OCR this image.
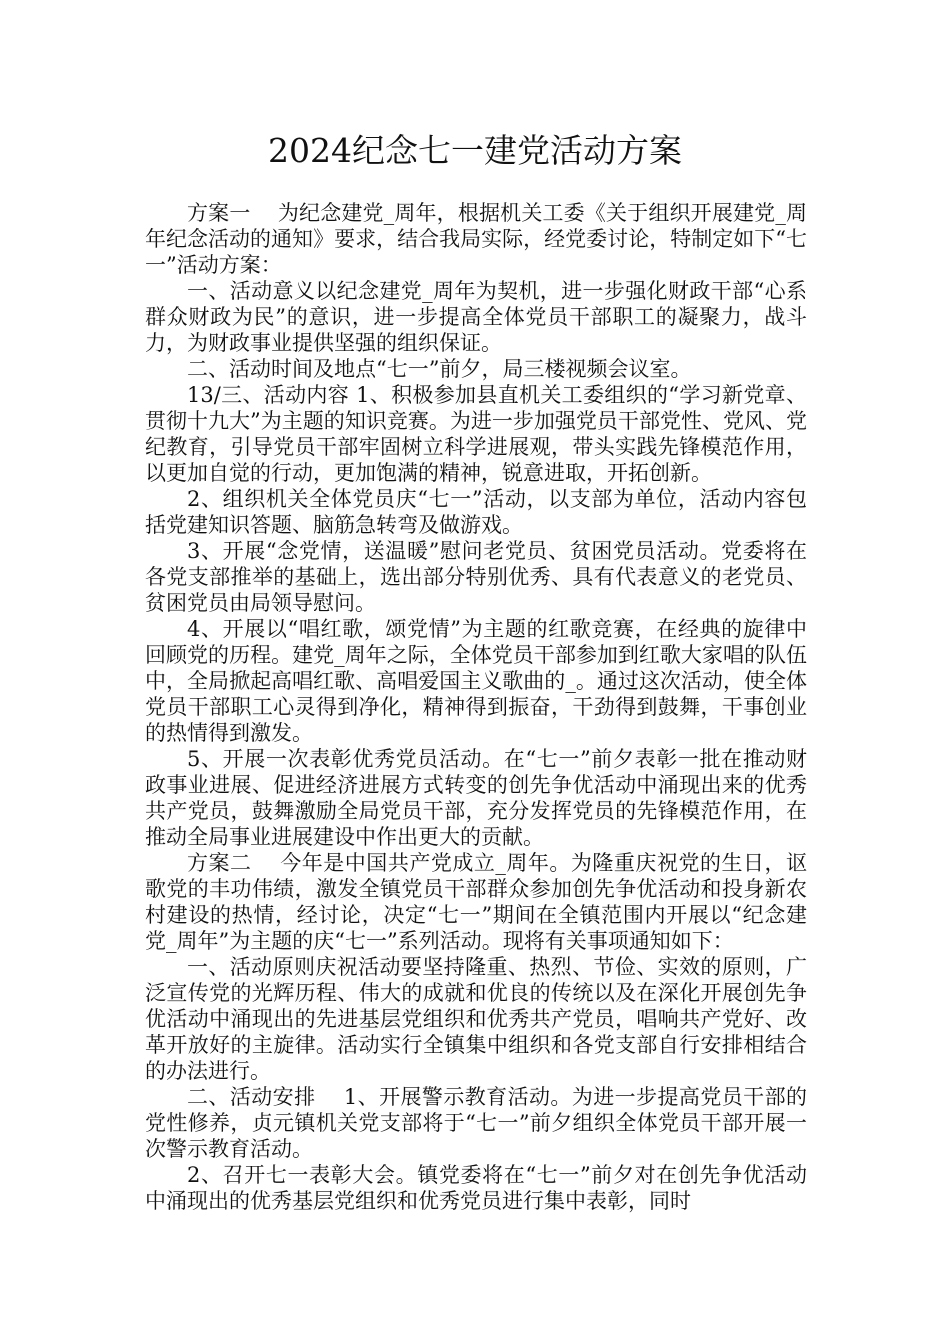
2024纪念七一建党活动方案

方案一    为纪念建党_周年，根据机关工委《关于组织开展建党_周年纪念活动的通知》要求，结合我局实际，经党委讨论，特制定如下“七一”活动方案：

一、活动意义以纪念建党_周年为契机，进一步强化财政干部“心系群众财政为民”的意识，进一步提高全体党员干部职工的凝聚力，战斗力，为财政事业提供坚强的组织保证。

二、活动时间及地点“七一”前夕，局三楼视频会议室。

13/三、活动内容 1、积极参加县直机关工委组织的“学习新党章、贯彻十九大”为主题的知识竞赛。为进一步加强党员干部党性、党风、党纪教育，引导党员干部牢固树立科学进展观，带头实践先锋模范作用，以更加自觉的行动，更加饱满的精神，锐意进取，开拓创新。

2、组织机关全体党员庆“七一”活动，以支部为单位，活动内容包括党建知识答题、脑筋急转弯及做游戏。

3、开展“念党情，送温暖”慰问老党员、贫困党员活动。党委将在各党支部推举的基础上，选出部分特别优秀、具有代表意义的老党员、贫困党员由局领导慰问。

4、开展以“唱红歌，颂党情”为主题的红歌竞赛，在经典的旋律中回顾党的历程。建党_周年之际，全体党员干部参加到红歌大家唱的队伍中，全局掀起高唱红歌、高唱爱国主义歌曲的_。通过这次活动，使全体党员干部职工心灵得到净化，精神得到振奋，干劲得到鼓舞，干事创业的热情得到激发。

5、开展一次表彰优秀党员活动。在“七一”前夕表彰一批在推动财政事业进展、促进经济进展方式转变的创先争优活动中涌现出来的优秀共产党员，鼓舞激励全局党员干部，充分发挥党员的先锋模范作用，在推动全局事业进展建设中作出更大的贡献。

方案二    今年是中国共产党成立_周年。为隆重庆祝党的生日，讴歌党的丰功伟绩，激发全镇党员干部群众参加创先争优活动和投身新农村建设的热情，经讨论，决定“七一”期间在全镇范围内开展以“纪念建党_周年”为主题的庆“七一”系列活动。现将有关事项通知如下：

一、活动原则庆祝活动要坚持隆重、热烈、节俭、实效的原则，广泛宣传党的光辉历程、伟大的成就和优良的传统以及在深化开展创先争优活动中涌现出的先进基层党组织和优秀共产党员，唱响共产党好、改革开放好的主旋律。活动实行全镇集中组织和各党支部自行安排相结合的办法进行。

二、活动安排    1、开展警示教育活动。为进一步提高党员干部的党性修养，贞元镇机关党支部将于“七一”前夕组织全体党员干部开展一次警示教育活动。

2、召开七一表彰大会。镇党委将在“七一”前夕对在创先争优活动中涌现出的优秀基层党组织和优秀党员进行集中表彰，同时
